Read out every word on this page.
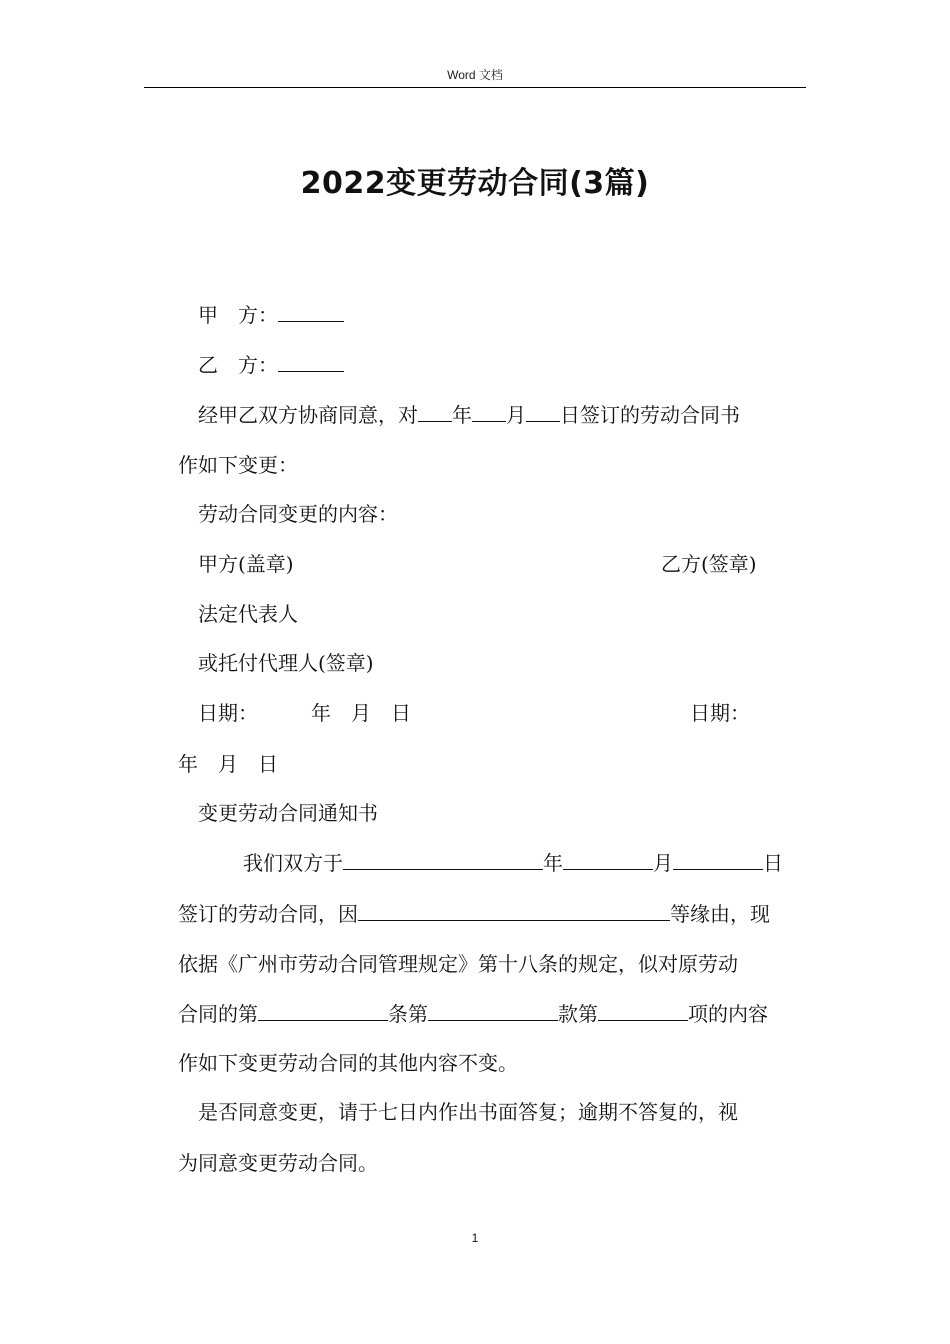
Word 文档
2022变更劳动合同(3篇)
甲　方：
乙　方：
经甲乙双方协商同意，对 年 月 日签订的劳动合同书
作如下变更：
劳动合同变更的内容：
甲方(盖章)	乙方(签章)
法定代表人
或托付代理人(签章)
日期：	年　月　日	日期：
年　月　日
变更劳动合同通知书
我们双方于	年	月	日
签订的劳动合同，因	等缘由，现
依据《广州市劳动合同管理规定》第十八条的规定，似对原劳动
合同的第	条第	款第	项的内容
作如下变更劳动合同的其他内容不变。
是否同意变更，请于七日内作出书面答复；逾期不答复的，视
为同意变更劳动合同。
1
